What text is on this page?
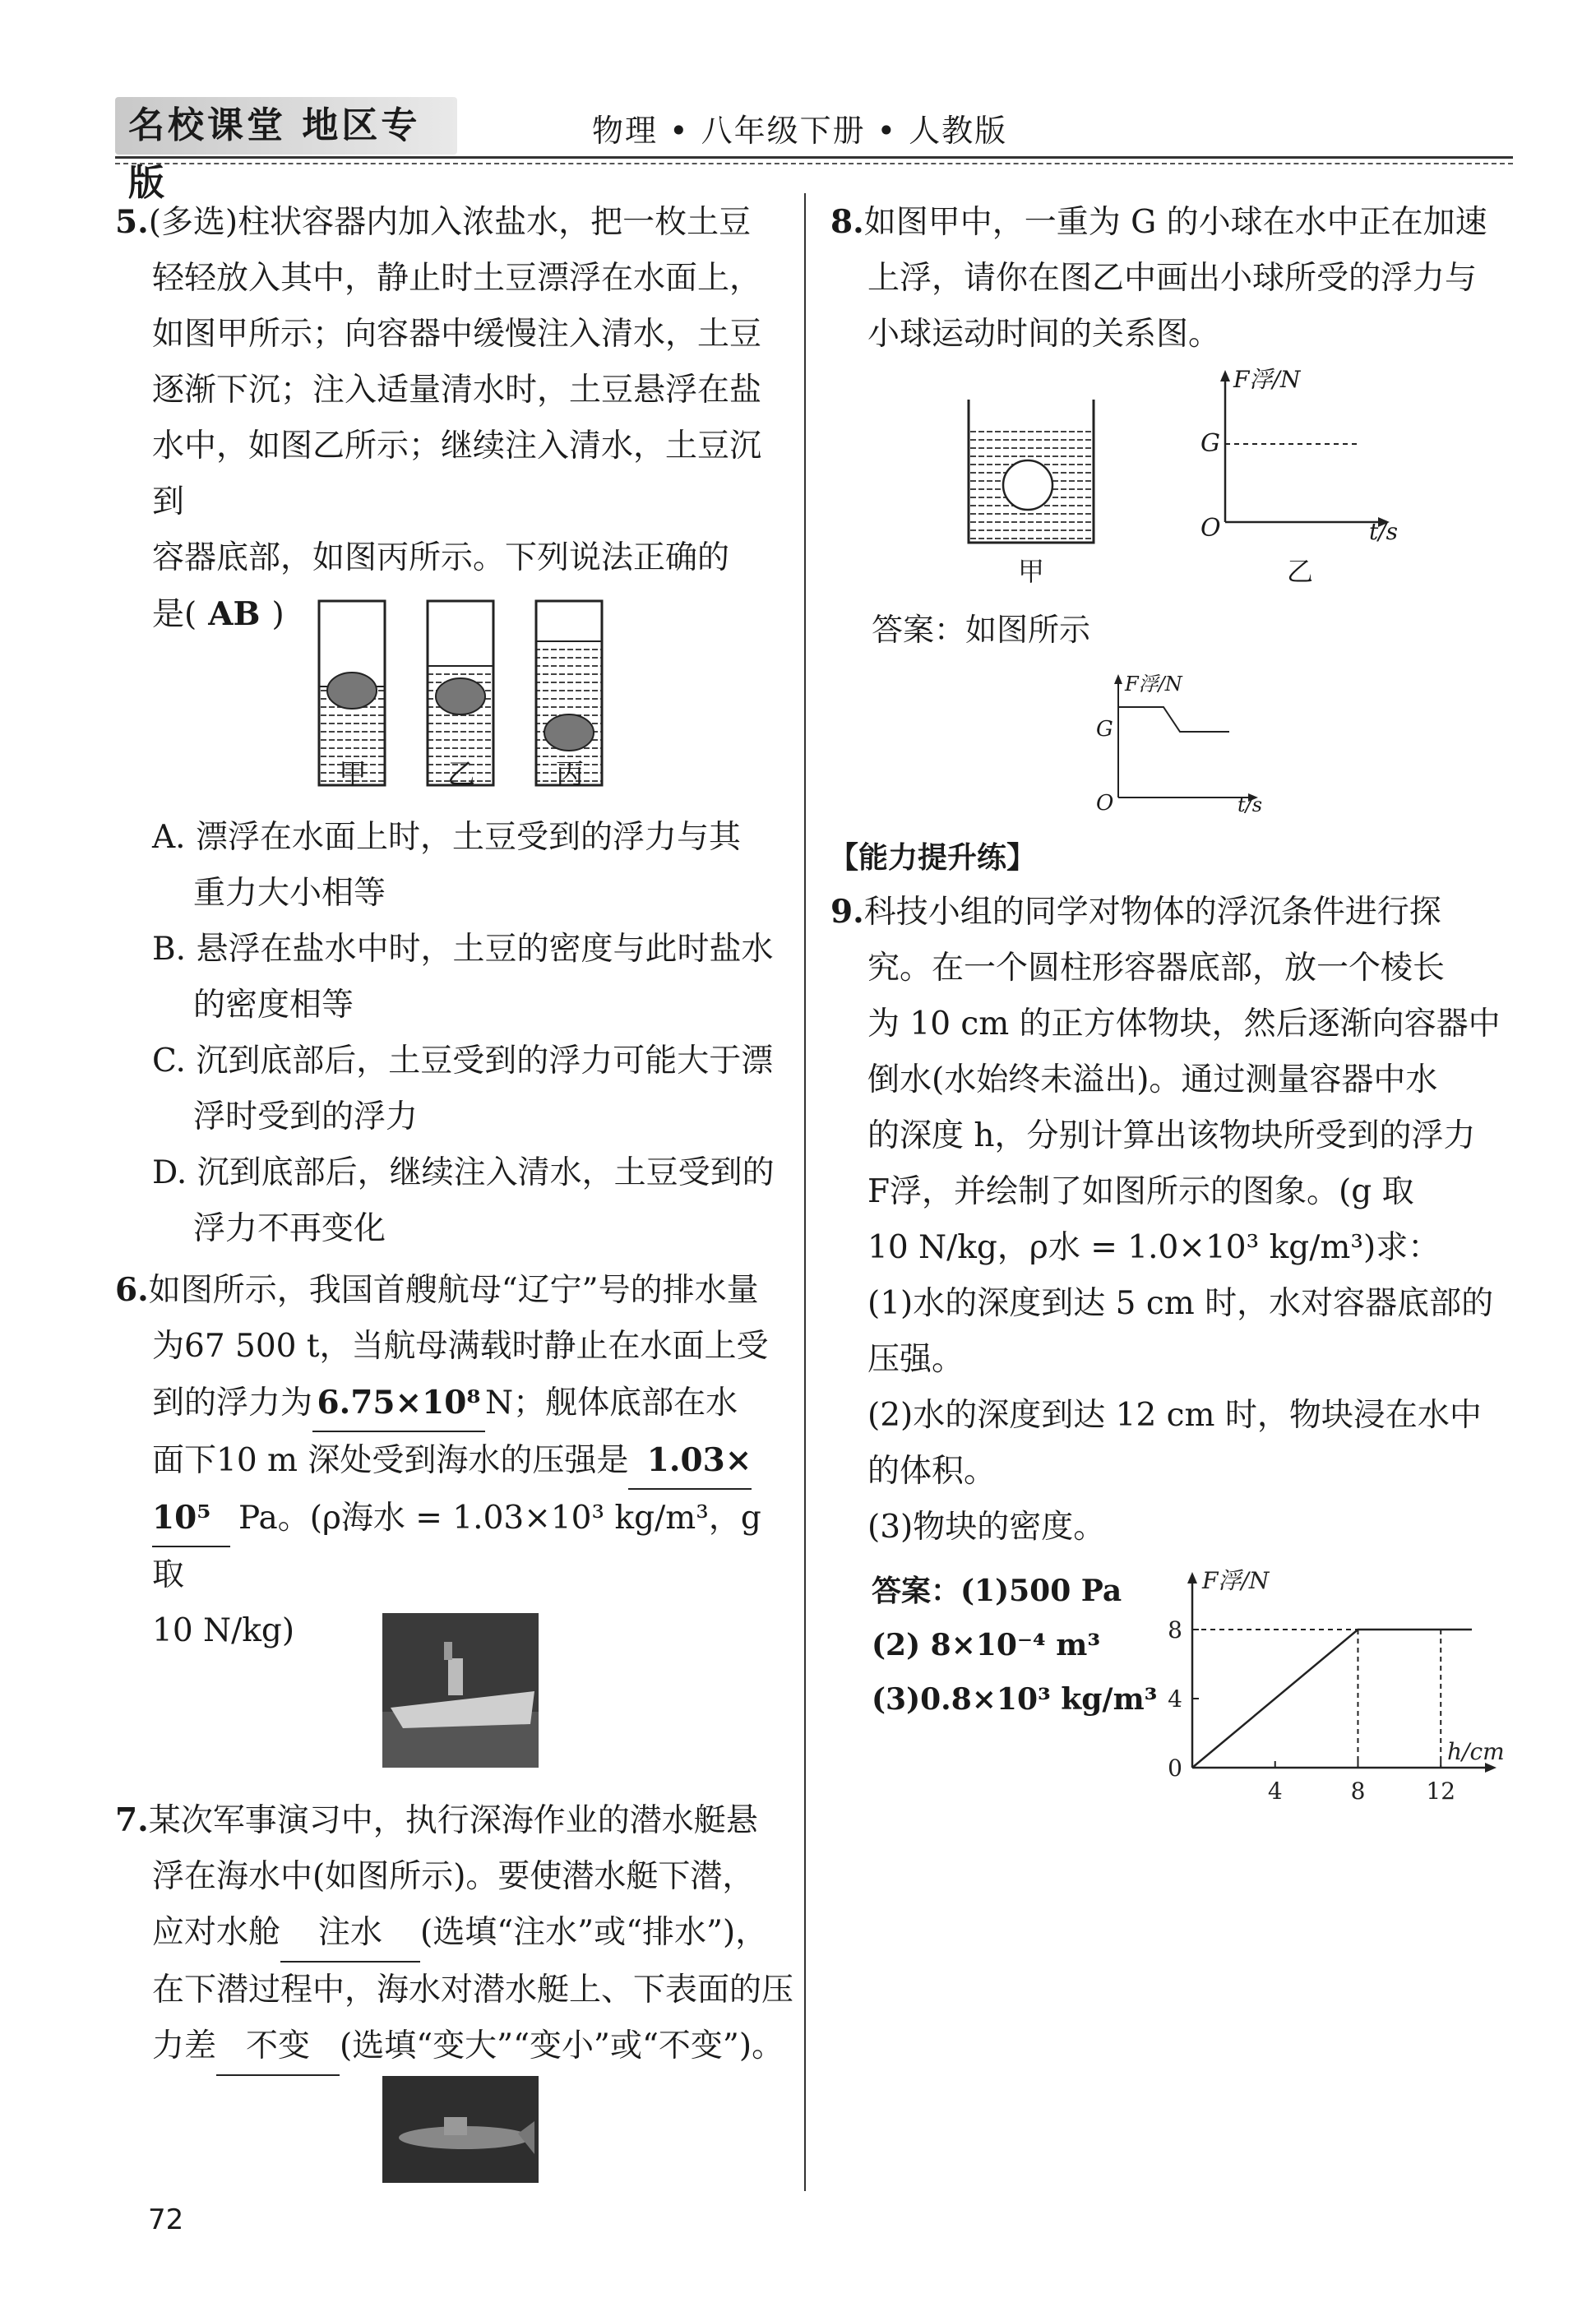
名校课堂 地区专版
物理 • 八年级下册 • 人教版
5.(多选)柱状容器内加入浓盐水，把一枚土豆
轻轻放入其中，静止时土豆漂浮在水面上，
如图甲所示；向容器中缓慢注入清水，土豆
逐渐下沉；注入适量清水时，土豆悬浮在盐
水中，如图乙所示；继续注入清水，土豆沉到
容器底部，如图丙所示。下列说法正确的
是( AB )
甲	乙	丙
A. 漂浮在水面上时，土豆受到的浮力与其
重力大小相等
B. 悬浮在盐水中时，土豆的密度与此时盐水
的密度相等
C. 沉到底部后，土豆受到的浮力可能大于漂
浮时受到的浮力
D. 沉到底部后，继续注入清水，土豆受到的
浮力不再变化
6.如图所示，我国首艘航母“辽宁”号的排水量
为67 500 t，当航母满载时静止在水面上受
到的浮力为 6.75×10⁸ N；舰体底部在水
面下10 m 深处受到海水的压强是 1.03×
10⁵ Pa。(ρ海水 = 1.03×10³ kg/m³，g 取
10 N/kg)
7.某次军事演习中，执行深海作业的潜水艇悬
浮在海水中(如图所示)。要使潜水艇下潜，
应对水舱 注水 (选填“注水”或“排水”)，
在下潜过程中，海水对潜水艇上、下表面的压
力差 不变 (选填“变大”“变小”或“不变”)。
72
8.如图甲中，一重为 G 的小球在水中正在加速
上浮，请你在图乙中画出小球所受的浮力与
小球运动时间的关系图。
甲
F浮/N
G
O	t/s
乙
答案：如图所示
F浮/N
G
O	t/s
【能力提升练】
9.科技小组的同学对物体的浮沉条件进行探
究。在一个圆柱形容器底部，放一个棱长
为 10 cm 的正方体物块，然后逐渐向容器中
倒水(水始终未溢出)。通过测量容器中水
的深度 h，分别计算出该物块所受到的浮力
F浮，并绘制了如图所示的图象。(g 取
10 N/kg，ρ水 = 1.0×10³ kg/m³)求：
(1)水的深度到达 5 cm 时，水对容器底部的
压强。
(2)水的深度到达 12 cm 时，物块浸在水中
的体积。
(3)物块的密度。
答案：(1)500 Pa
(2) 8×10⁻⁴ m³
(3)0.8×10³ kg/m³
F浮/N
h/cm
0
4
8
4	8	12
